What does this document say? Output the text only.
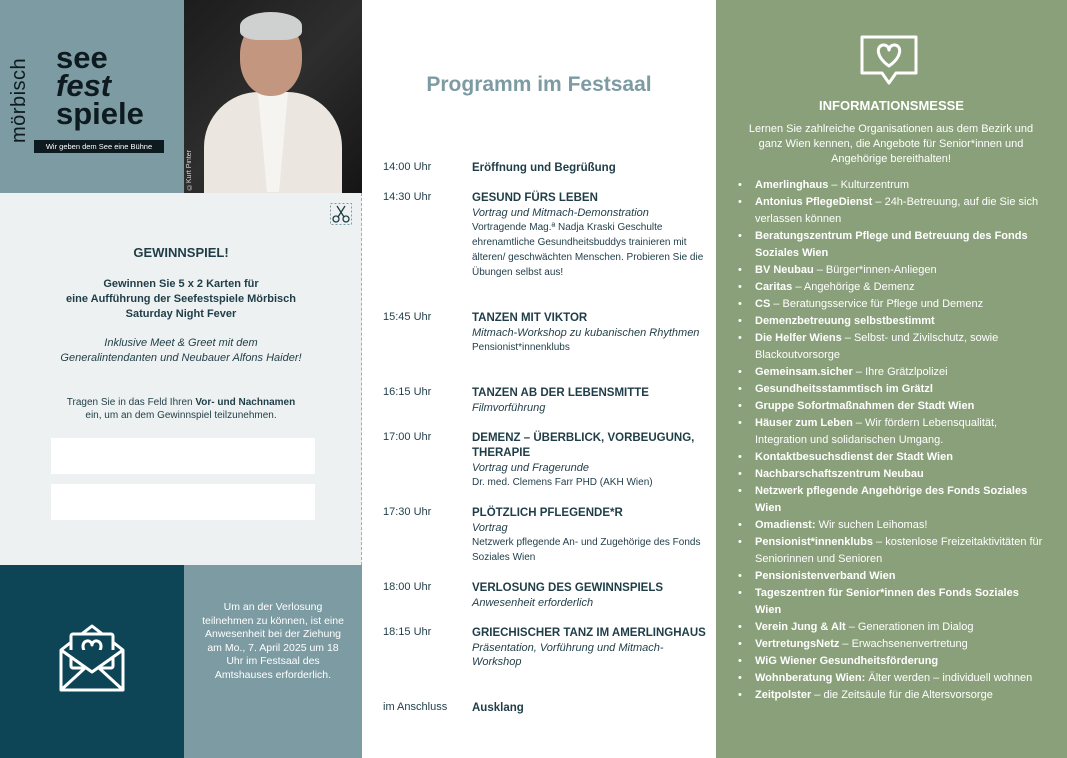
mörbisch see
fest
spiele
Wir geben dem See eine Bühne
©Kurt Pinter
GEWINNSPIEL!
Gewinnen Sie 5 x 2 Karten für
eine Aufführung der Seefestspiele Mörbisch
Saturday Night Fever
Inklusive Meet & Greet mit dem
Generalintendanten und Neubauer Alfons Haider!
Tragen Sie in das Feld Ihren Vor- und Nachnamen
ein, um an dem Gewinnspiel teilzunehmen.
Um an der Verlosung teilnehmen zu können, ist eine Anwesenheit bei der Ziehung am Mo., 7. April 2025 um 18 Uhr im Festsaal des Amtshauses erforderlich.
Programm im Festsaal
14:00 Uhr	Eröffnung und Begrüßung
14:30 Uhr	GESUND FÜRS LEBEN
Vortrag und Mitmach-Demonstration
Vortragende Mag.ª Nadja Kraski Geschulte ehrenamtliche Gesundheitsbuddys trainieren mit älteren/ geschwächten Menschen. Probieren Sie die Übungen selbst aus!
15:45 Uhr	TANZEN MIT VIKTOR
Mitmach-Workshop zu kubanischen Rhythmen
Pensionist*innenklubs
16:15 Uhr	TANZEN AB DER LEBENSMITTE
Filmvorführung
17:00 Uhr	DEMENZ – ÜBERBLICK, VORBEUGUNG, THERAPIE
Vortrag und Fragerunde
Dr. med. Clemens Farr PHD (AKH Wien)
17:30 Uhr	PLÖTZLICH PFLEGENDE*R
Vortrag
Netzwerk pflegende An- und Zugehörige des Fonds Soziales Wien
18:00 Uhr	VERLOSUNG DES GEWINNSPIELS
Anwesenheit erforderlich
18:15 Uhr	GRIECHISCHER TANZ IM AMERLINGHAUS
Präsentation, Vorführung und Mitmach-Workshop
im Anschluss Ausklang
INFORMATIONSMESSE
Lernen Sie zahlreiche Organisationen aus dem Bezirk und ganz Wien kennen, die Angebote für Senior*innen und Angehörige bereithalten!
• Amerlinghaus – Kulturzentrum
• Antonius PflegeDienst – 24h-Betreuung, auf die Sie sich verlassen können
• Beratungszentrum Pflege und Betreuung des Fonds Soziales Wien
• BV Neubau – Bürger*innen-Anliegen
• Caritas – Angehörige & Demenz
• CS – Beratungsservice für Pflege und Demenz
• Demenzbetreuung selbstbestimmt
• Die Helfer Wiens – Selbst- und Zivilschutz, sowie Blackoutvorsorge
• Gemeinsam.sicher – Ihre Grätzlpolizei
• Gesundheitsstammtisch im Grätzl
• Gruppe Sofortmaßnahmen der Stadt Wien
• Häuser zum Leben – Wir fördern Lebensqualität, Integration und solidarischen Umgang.
• Kontaktbesuchsdienst der Stadt Wien
• Nachbarschaftszentrum Neubau
• Netzwerk pflegende Angehörige des Fonds Soziales Wien
• Omadienst: Wir suchen Leihomas!
• Pensionist*innenklubs – kostenlose Freizeitaktivitäten für Seniorinnen und Senioren
• Pensionistenverband Wien
• Tageszentren für Senior*innen des Fonds Soziales Wien
• Verein Jung & Alt – Generationen im Dialog
• VertretungsNetz – Erwachsenenvertretung
• WiG Wiener Gesundheitsförderung
• Wohnberatung Wien: Älter werden – individuell wohnen
• Zeitpolster – die Zeitsäule für die Altersvorsorge
